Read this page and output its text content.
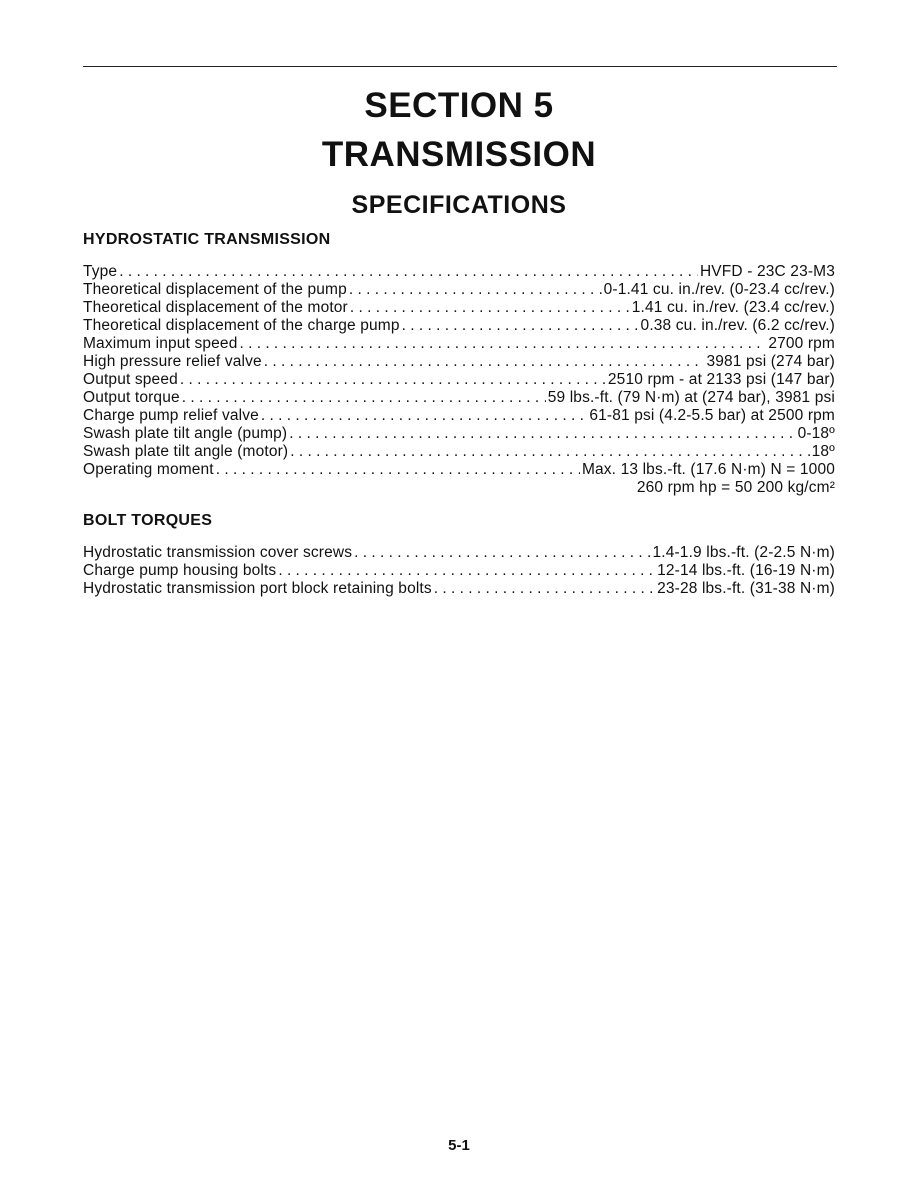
SECTION 5
TRANSMISSION
SPECIFICATIONS
HYDROSTATIC TRANSMISSION
Type . . .	HVFD - 23C 23-M3
Theoretical displacement of the pump . . .	0-1.41 cu. in./rev. (0-23.4 cc/rev.)
Theoretical displacement of the motor . . .	1.41 cu. in./rev. (23.4 cc/rev.)
Theoretical displacement of the charge pump . . .	0.38 cu. in./rev. (6.2 cc/rev.)
Maximum input speed . . .	2700 rpm
High pressure relief valve . . .	3981 psi (274 bar)
Output speed . . .	2510 rpm - at 2133 psi (147 bar)
Output torque . . .	59 lbs.-ft. (79 N·m) at (274 bar), 3981 psi
Charge pump relief valve . . .	61-81 psi (4.2-5.5 bar) at 2500 rpm
Swash plate tilt angle (pump) . . .	0-18º
Swash plate tilt angle (motor) . . .	18º
Operating moment . . .	Max. 13 lbs.-ft. (17.6 N·m) N = 1000
260 rpm hp = 50 200 kg/cm²
BOLT TORQUES
Hydrostatic transmission cover screws . . .	1.4-1.9 lbs.-ft. (2-2.5 N·m)
Charge pump housing bolts . . .	12-14 lbs.-ft. (16-19 N·m)
Hydrostatic transmission port block retaining bolts . . .	23-28 lbs.-ft. (31-38 N·m)
5-1
